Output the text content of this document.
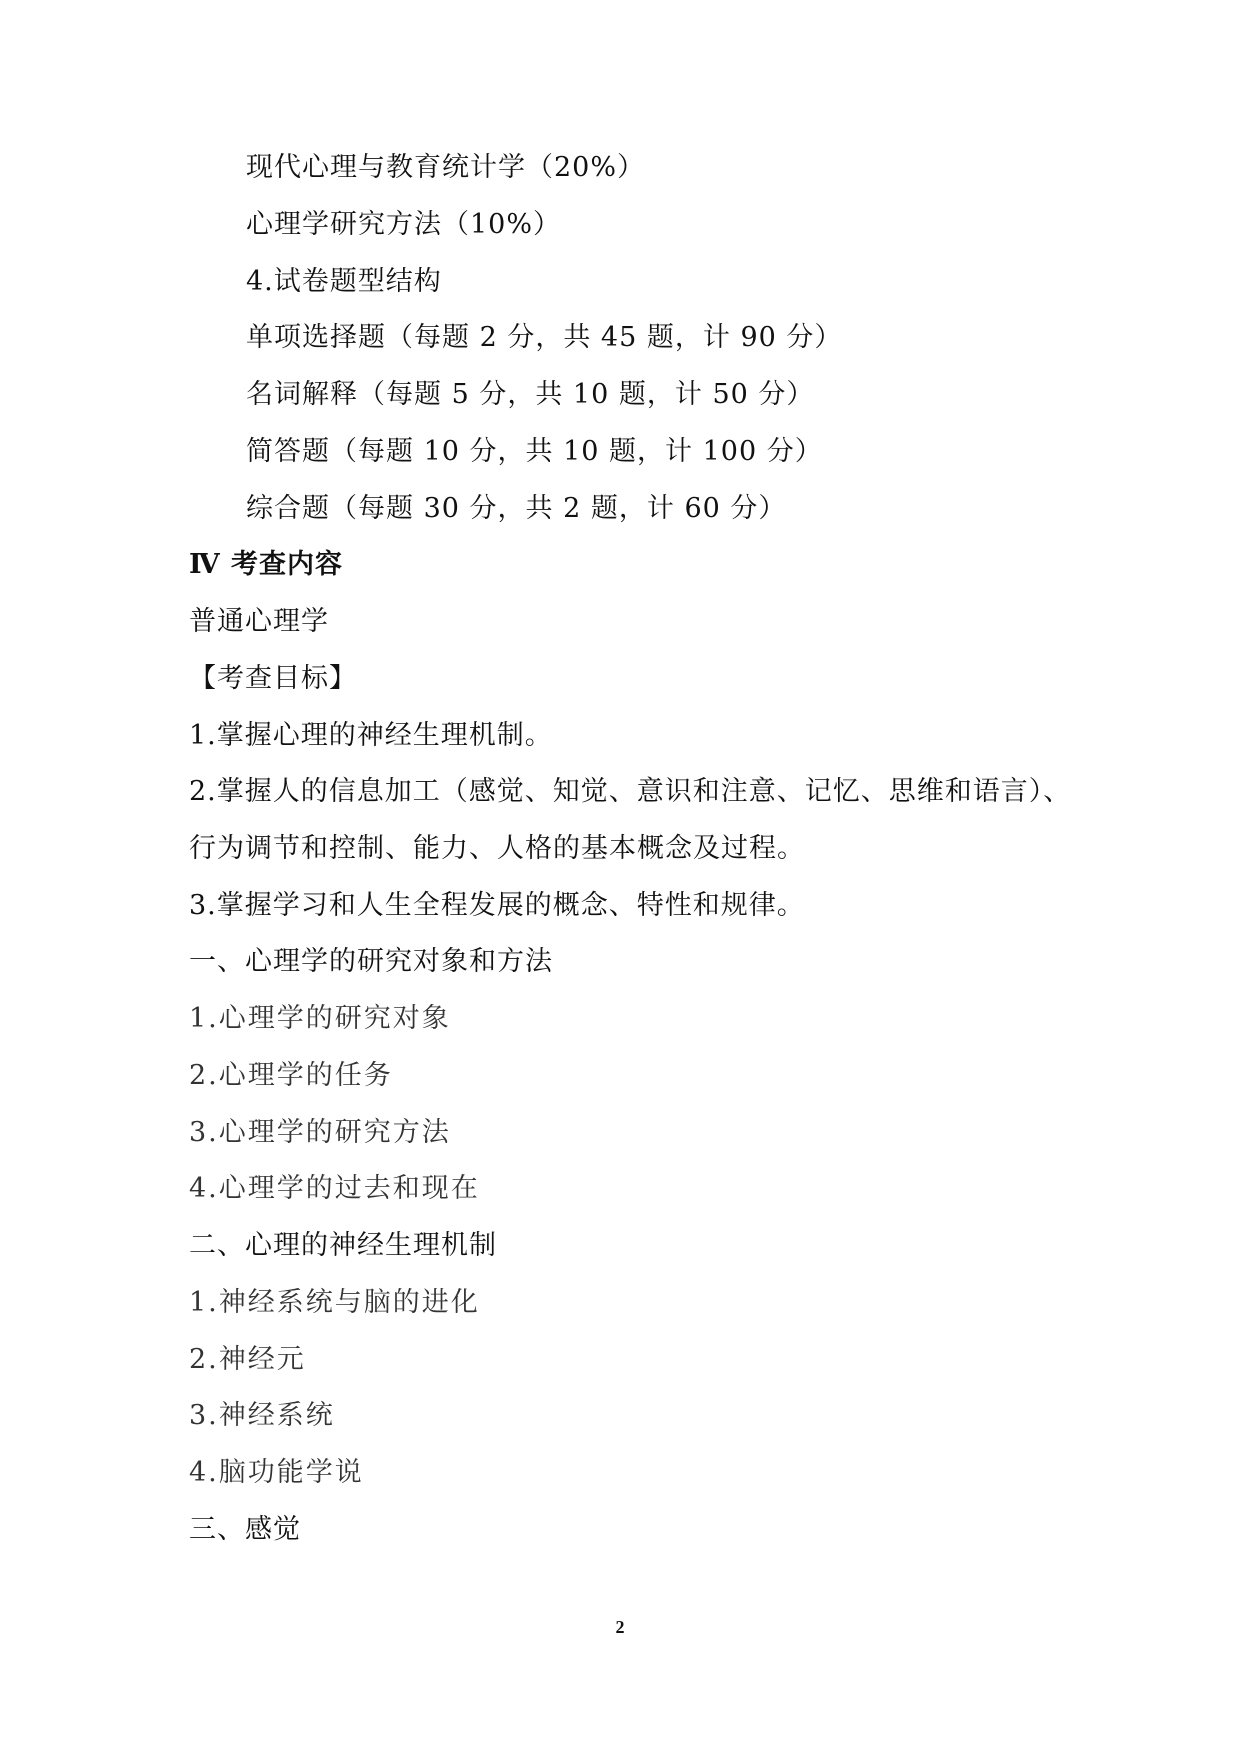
现代心理与教育统计学（20%）
心理学研究方法（10%）
4.试卷题型结构
单项选择题（每题 2 分，共 45 题，计 90 分）
名词解释（每题 5 分，共 10 题，计 50 分）
简答题（每题 10 分，共 10 题，计 100 分）
综合题（每题 30 分，共 2 题，计 60 分）
Ⅳ 考查内容
普通心理学
【考查目标】
1.掌握心理的神经生理机制。
2.掌握人的信息加工（感觉、知觉、意识和注意、记忆、思维和语言）、
行为调节和控制、能力、人格的基本概念及过程。
3.掌握学习和人生全程发展的概念、特性和规律。
一、心理学的研究对象和方法
1.心理学的研究对象
2.心理学的任务
3.心理学的研究方法
4.心理学的过去和现在
二、心理的神经生理机制
1.神经系统与脑的进化
2.神经元
3.神经系统
4.脑功能学说
三、感觉
2
